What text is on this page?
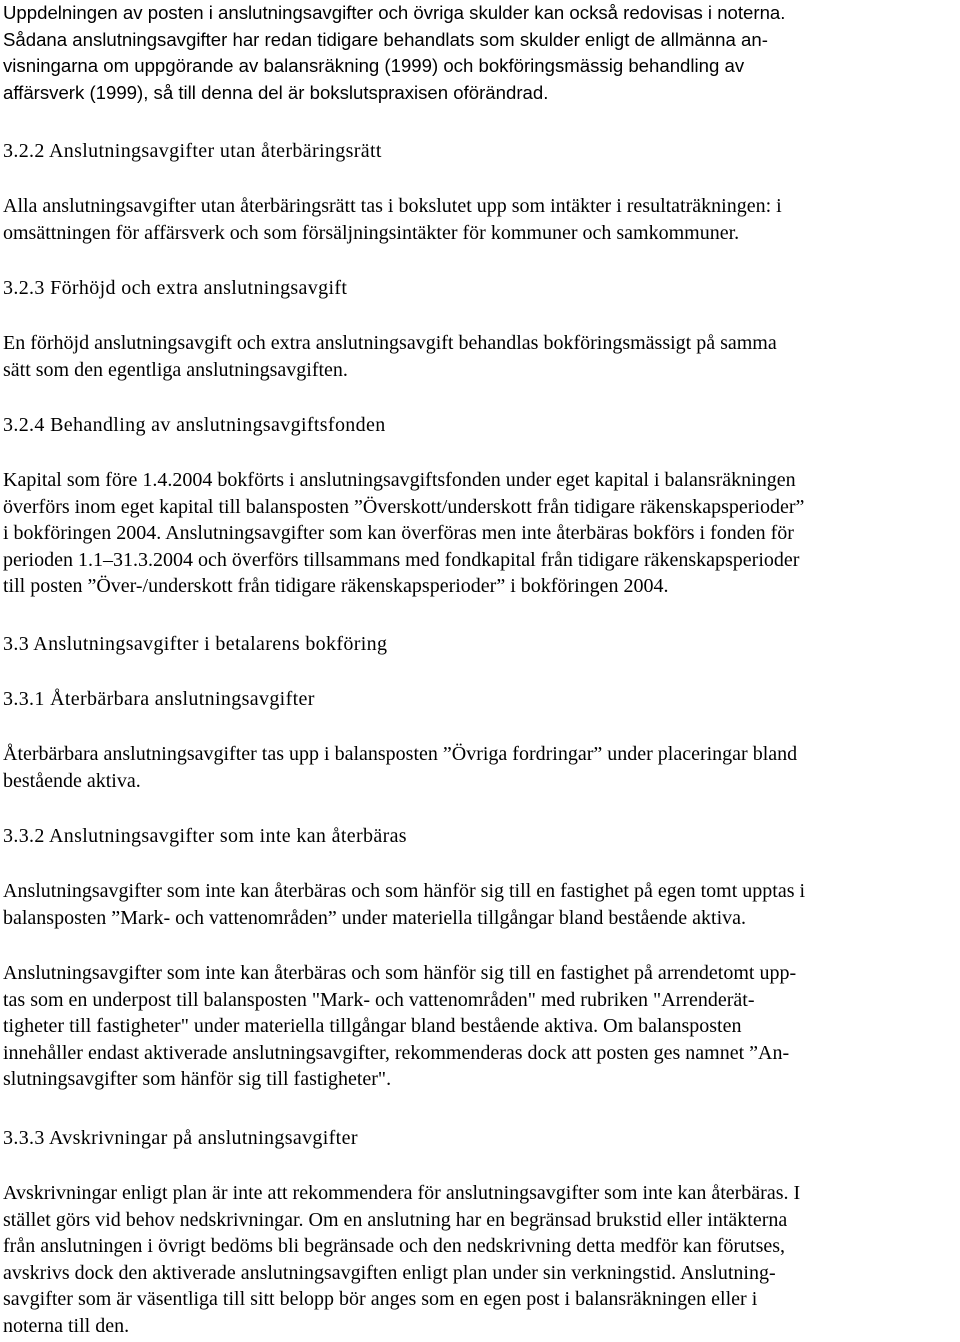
Uppdelningen av posten i anslutningsavgifter och övriga skulder kan också redovisas i noterna.
Sådana anslutningsavgifter har redan tidigare behandlats som skulder enligt de allmänna an-
visningarna om uppgörande av balansräkning (1999) och bokföringsmässig behandling av
affärsverk (1999), så till denna del är bokslutspraxisen oförändrad.
3.2.2 Anslutningsavgifter utan återbäringsrätt
Alla anslutningsavgifter utan återbäringsrätt tas i bokslutet upp som intäkter i resultaträkningen: i
omsättningen för affärsverk och som försäljningsintäkter för kommuner och samkommuner.
3.2.3 Förhöjd och extra anslutningsavgift
En förhöjd anslutningsavgift och extra anslutningsavgift behandlas bokföringsmässigt på samma
sätt som den egentliga anslutningsavgiften.
3.2.4 Behandling av anslutningsavgiftsfonden
Kapital som före 1.4.2004 bokförts i anslutningsavgiftsfonden under eget kapital i balansräkningen
överförs inom eget kapital till balansposten ”Överskott/underskott från tidigare räkenskapsperioder”
i bokföringen 2004. Anslutningsavgifter som kan överföras men inte återbäras bokförs i fonden för
perioden 1.1–31.3.2004 och överförs tillsammans med fondkapital från tidigare räkenskapsperioder
till posten ”Över-/underskott från tidigare räkenskapsperioder” i bokföringen 2004.
3.3 Anslutningsavgifter i betalarens bokföring
3.3.1 Återbärbara anslutningsavgifter
Återbärbara anslutningsavgifter tas upp i balansposten ”Övriga fordringar” under placeringar bland
bestående aktiva.
3.3.2 Anslutningsavgifter som inte kan återbäras
Anslutningsavgifter som inte kan återbäras och som hänför sig till en fastighet på egen tomt upptas i
balansposten ”Mark- och vattenområden” under materiella tillgångar bland bestående aktiva.
Anslutningsavgifter som inte kan återbäras och som hänför sig till en fastighet på arrendetomt upp-
tas som en underpost till balansposten "Mark- och vattenområden" med rubriken "Arrenderät-
tigheter till fastigheter" under materiella tillgångar bland bestående aktiva. Om balansposten
innehåller endast aktiverade anslutningsavgifter, rekommenderas dock att posten ges namnet ”An-
slutningsavgifter som hänför sig till fastigheter".
3.3.3 Avskrivningar på anslutningsavgifter
Avskrivningar enligt plan är inte att rekommendera för anslutningsavgifter som inte kan återbäras. I
stället görs vid behov nedskrivningar. Om en anslutning har en begränsad brukstid eller intäkterna
från anslutningen i övrigt bedöms bli begränsade och den nedskrivning detta medför kan förutses,
avskrivs dock den aktiverade anslutningsavgiften enligt plan under sin verkningstid. Anslutning-
savgifter som är väsentliga till sitt belopp bör anges som en egen post i balansräkningen eller i
noterna till den.
